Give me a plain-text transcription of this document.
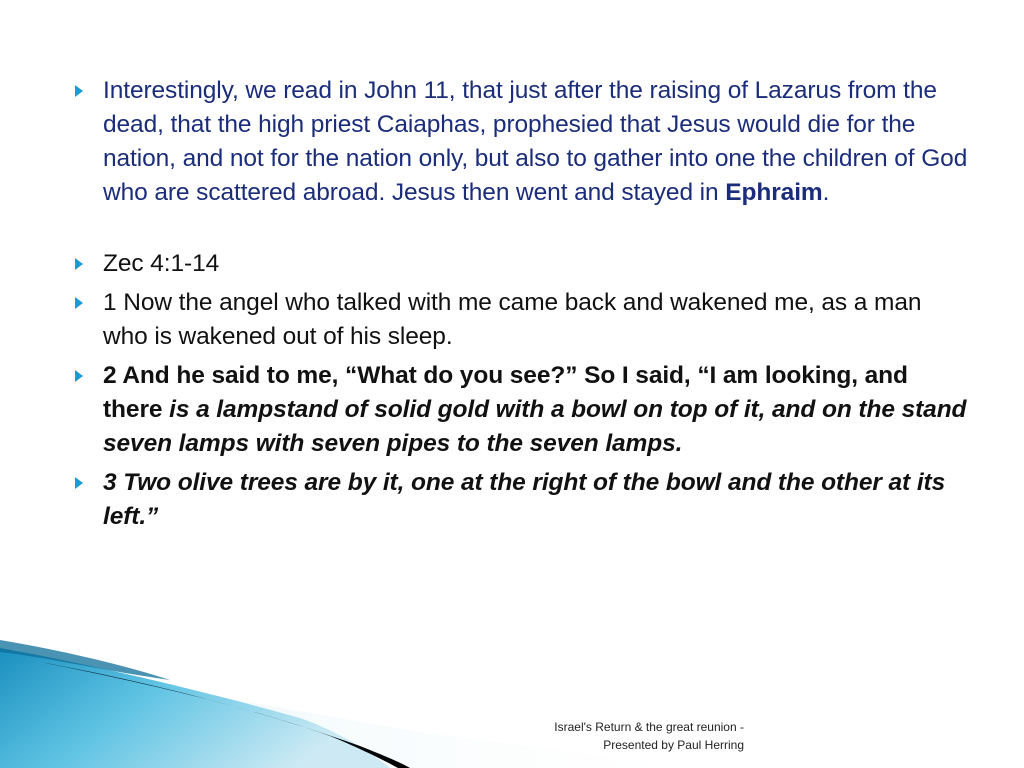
Interestingly, we read in John 11, that just after the raising of Lazarus from the dead, that the high priest Caiaphas, prophesied that Jesus would die for the nation, and not for the nation only, but also to gather into one the children of God who are scattered abroad. Jesus then went and stayed in Ephraim.
Zec 4:1-14
1 Now the angel who talked with me came back and wakened me, as a man who is wakened out of his sleep.
2 And he said to me, “What do you see?” So I said, “I am looking, and there is a lampstand of solid gold with a bowl on top of it, and on the stand seven lamps with seven pipes to the seven lamps.
3 Two olive trees are by it, one at the right of the bowl and the other at its left.”
Israel's Return & the great reunion -
Presented by Paul Herring
